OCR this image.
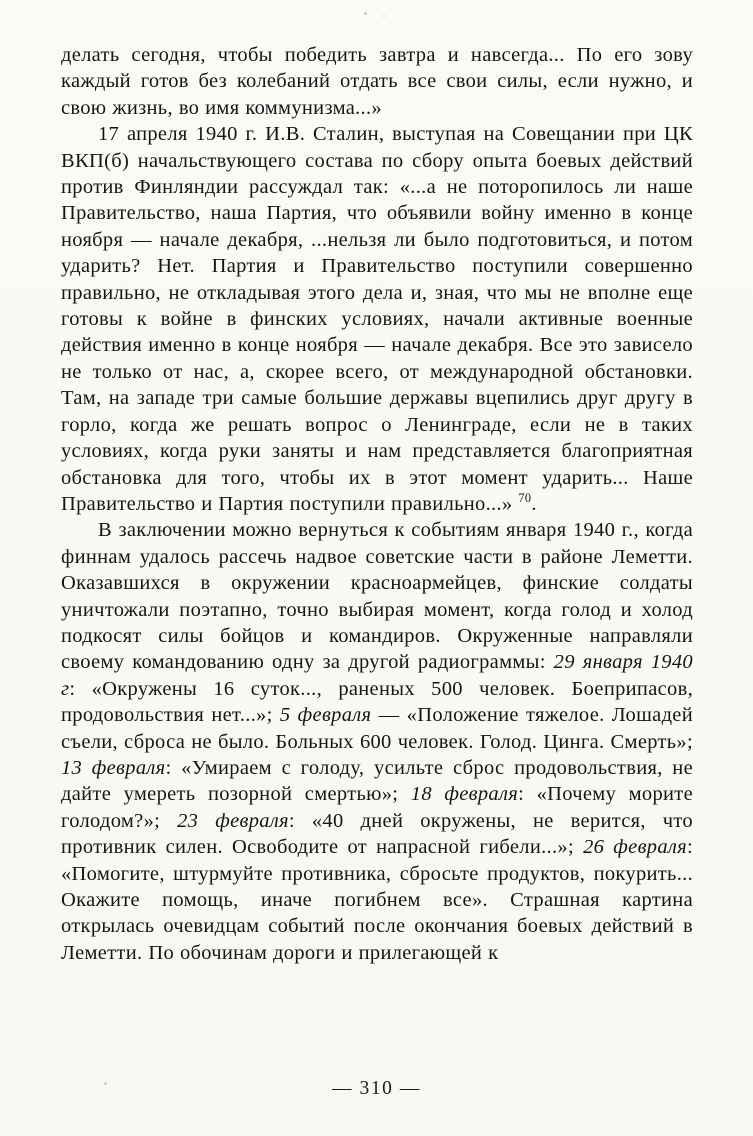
делать сегодня, чтобы победить завтра и навсегда... По его зову каждый готов без колебаний отдать все свои силы, если нужно, и свою жизнь, во имя коммунизма...»

17 апреля 1940 г. И.В. Сталин, выступая на Совещании при ЦК ВКП(б) начальствующего состава по сбору опыта боевых действий против Финляндии рассуждал так: «...а не поторопилось ли наше Правительство, наша Партия, что объявили войну именно в конце ноября — начале декабря, ...нельзя ли было подготовиться, и потом ударить? Нет. Партия и Правительство поступили совершенно правильно, не откладывая этого дела и, зная, что мы не вполне еще готовы к войне в финских условиях, начали активные военные действия именно в конце ноября — начале декабря. Все это зависело не только от нас, а, скорее всего, от международной обстановки. Там, на западе три самые большие державы вцепились друг другу в горло, когда же решать вопрос о Ленинграде, если не в таких условиях, когда руки заняты и нам представляется благоприятная обстановка для того, чтобы их в этот момент ударить... Наше Правительство и Партия поступили правильно...» $^{70}$.

В заключении можно вернуться к событиям января 1940 г., когда финнам удалось рассечь надвое советские части в районе Леметти. Оказавшихся в окружении красноармейцев, финские солдаты уничтожали поэтапно, точно выбирая момент, когда голод и холод подкосят силы бойцов и командиров. Окруженные направляли своему командованию одну за другой радиограммы: 29 января 1940 г: «Окружены 16 суток..., раненых 500 человек. Боеприпасов, продовольствия нет...»; 5 февраля — «Положение тяжелое. Лошадей съели, сброса не было. Больных 600 человек. Голод. Цинга. Смерть»; 13 февраля: «Умираем с голоду, усильте сброс продовольствия, не дайте умереть позорной смертью»; 18 февраля: «Почему морите голодом?»; 23 февраля: «40 дней окружены, не верится, что противник силен. Освободите от напрасной гибели...»; 26 февраля: «Помогите, штурмуйте противника, сбросьте продуктов, покурить... Окажите помощь, иначе погибнем все». Страшная картина открылась очевидцам событий после окончания боевых действий в Леметти. По обочинам дороги и прилегающей к

— 310 —
